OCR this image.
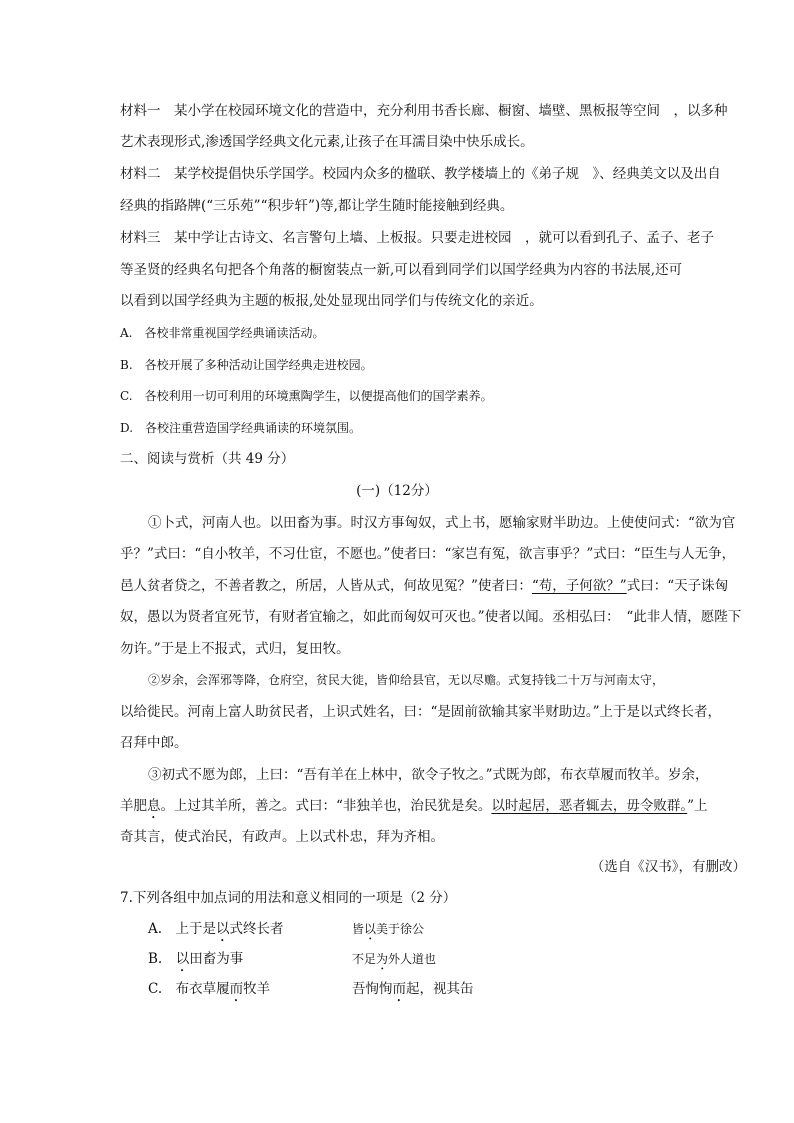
材料一　某小学在校园环境文化的营造中，充分利用书香长廊、橱窗、墙壁、黑板报等空间　，以多种
艺术表现形式,渗透国学经典文化元素,让孩子在耳濡目染中快乐成长。
材料二　某学校提倡快乐学国学。校园内众多的楹联、教学楼墙上的《弟子规　》、经典美文以及出自
经典的指路牌(“三乐苑”“积步轩”)等,都让学生随时能接触到经典。
材料三　某中学让古诗文、名言警句上墙、上板报。只要走进校园　，就可以看到孔子、孟子、老子
等圣贤的经典名句把各个角落的橱窗装点一新,可以看到同学们以国学经典为内容的书法展,还可
以看到以国学经典为主题的板报,处处显现出同学们与传统文化的亲近。
A.　各校非常重视国学经典诵读活动。
B.　各校开展了多种活动让国学经典走进校园。
C.　各校利用一切可利用的环境熏陶学生，以便提高他们的国学素养。
D.　各校注重营造国学经典诵读的环境氛围。
二、阅读与赏析（共 49 分）
(一)（12分）
①卜式，河南人也。以田畜为事。时汉方事匈奴，式上书，愿输家财半助边。上使使问式：“欲为官
乎？”式曰：“自小牧羊，不习仕宦，不愿也。”使者曰：“家岂有冤，欲言事乎？”式曰：“臣生与人无争，
邑人贫者贷之，不善者教之，所居，人皆从式，何故见冤？”使者曰：“苟，子何欲？”式曰：“天子诛匈
奴，愚以为贤者宜死节，有财者宜输之，如此而匈奴可灭也。”使者以闻。丞相弘曰：　“此非人情，愿陛下
勿许。”于是上不报式，式归，复田牧。
②岁余，会浑邪等降，仓府空，贫民大徙，皆仰给县官，无以尽赡。式复持钱二十万与河南太守，
以给徙民。河南上富人助贫民者，上识式姓名，曰：“是固前欲输其家半财助边。”上于是以式终长者，
召拜中郎。
③初式不愿为郎，上曰：“吾有羊在上林中，欲令子牧之。”式既为郎，布衣草履而牧羊。岁余，
羊肥息。上过其羊所，善之。式曰：“非独羊也，治民犹是矣。以时起居，恶者辄去，毋令败群。”上
奇其言，使式治民，有政声。上以式朴忠，拜为齐相。
（选自《汉书》，有删改）
7.下列各组中加点词的用法和意义相同的一项是（2 分）
A.　上于是以式终长者	皆以美于徐公
B.　以田畜为事	不足为外人道也
C.　布衣草履而牧羊	吾恂恂而起，视其缶
